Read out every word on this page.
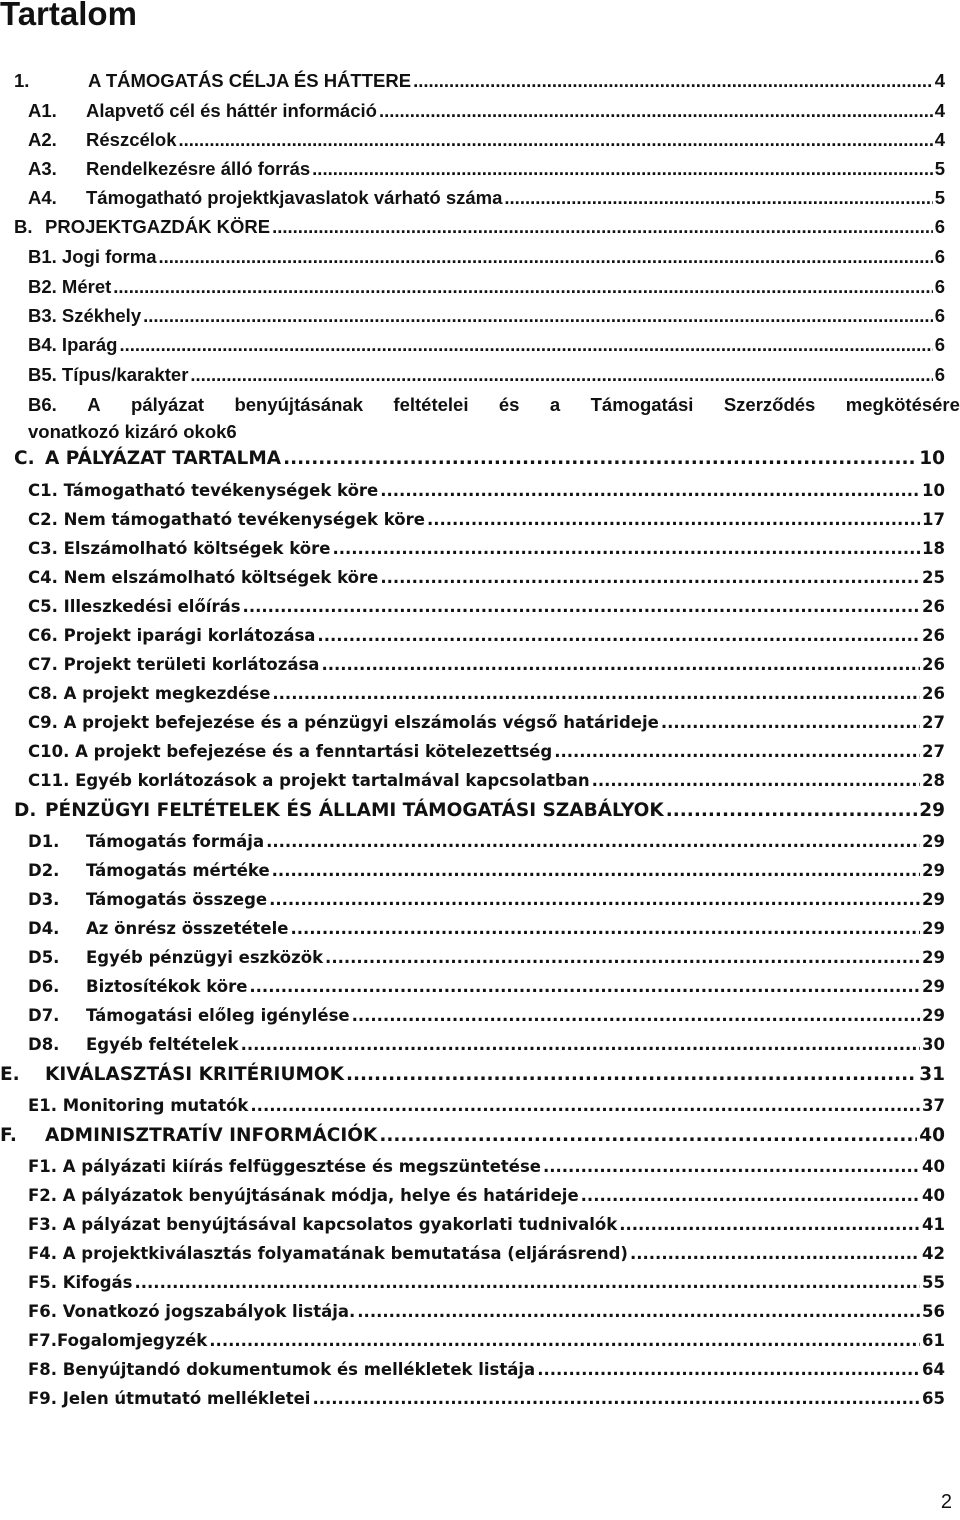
Tartalom
1.	A TÁMOGATÁS CÉLJA ÉS HÁTTERE .....	4
A1.	Alapvető cél és háttér információ .....	4
A2.	Részcélok .....	4
A3.	Rendelkezésre álló forrás .....	5
A4.	Támogatható projektkjavaslatok várható száma .....	5
B. PROJEKTGAZDÁK KÖRE .....	6
B1. Jogi forma .....	6
B2. Méret .....	6
B3. Székhely .....	6
B4. Iparág .....	6
B5. Típus/karakter .....	6
B6. A pályázat benyújtásának feltételei és a Támogatási Szerződés megkötésére
vonatkozó kizáró okok 6
C. A PÁLYÁZAT TARTALMA .....	10
C1. Támogatható tevékenységek köre .....	10
C2. Nem támogatható tevékenységek köre .....	17
C3. Elszámolható költségek köre .....	18
C4. Nem elszámolható költségek köre .....	25
C5. Illeszkedési előírás .....	26
C6. Projekt iparági korlátozása .....	26
C7. Projekt területi korlátozása .....	26
C8. A projekt megkezdése .....	26
C9. A projekt befejezése és a pénzügyi elszámolás végső határideje .....	27
C10. A projekt befejezése és a fenntartási kötelezettség .....	27
C11. Egyéb korlátozások a projekt tartalmával kapcsolatban .....	28
D. PÉNZÜGYI FELTÉTELEK ÉS ÁLLAMI TÁMOGATÁSI SZABÁLYOK .....	29
D1.	Támogatás formája .....	29
D2.	Támogatás mértéke .....	29
D3.	Támogatás összege .....	29
D4.	Az önrész összetétele .....	29
D5.	Egyéb pénzügyi eszközök .....	29
D6.	Biztosítékok köre .....	29
D7.	Támogatási előleg igénylése .....	29
D8.	Egyéb feltételek .....	30
E.	KIVÁLASZTÁSI KRITÉRIUMOK .....	31
E1. Monitoring mutatók .....	37
F.	ADMINISZTRATÍV INFORMÁCIÓK .....	40
F1. A pályázati kiírás felfüggesztése és megszüntetése .....	40
F2. A pályázatok benyújtásának módja, helye és határideje .....	40
F3. A pályázat benyújtásával kapcsolatos gyakorlati tudnivalók .....	41
F4. A projektkiválasztás folyamatának bemutatása (eljárásrend) .....	42
F5. Kifogás .....	55
F6. Vonatkozó jogszabályok listája. .....	56
F7.Fogalomjegyzék .....	61
F8. Benyújtandó dokumentumok és mellékletek listája .....	64
F9. Jelen útmutató mellékletei .....	65
2
